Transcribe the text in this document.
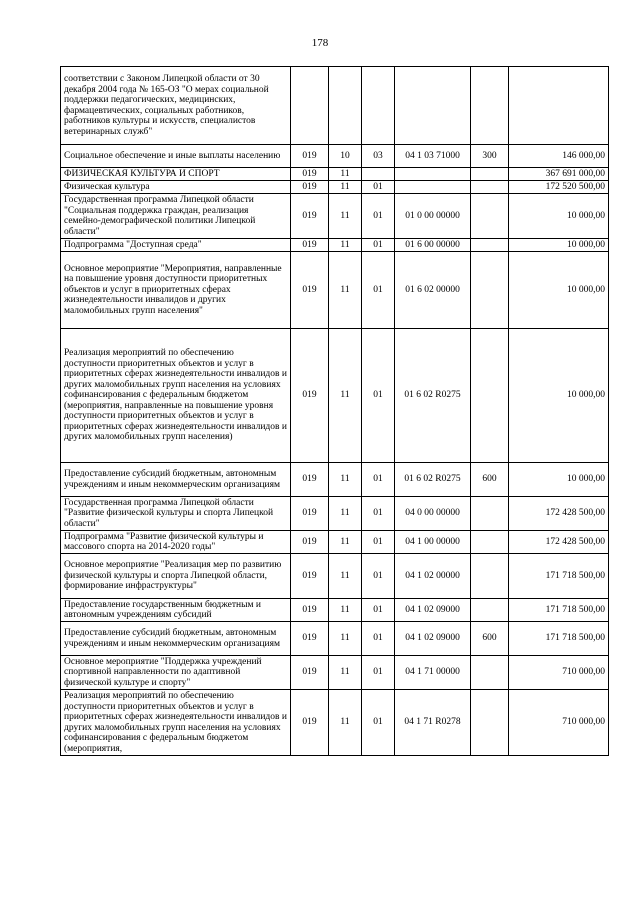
178
соответствии с Законом Липецкой области от 30 декабря 2004 года № 165-ОЗ "О мерах социальной поддержки педагогических, медицинских, фармацевтических, социальных работников, работников культуры и искусств, специалистов ветеринарных служб"						
Социальное обеспечение и иные выплаты населению	019	10	03	04 1 03 71000	300	146 000,00
ФИЗИЧЕСКАЯ КУЛЬТУРА И СПОРТ	019	11				367 691 000,00
Физическая культура	019	11	01			172 520 500,00
Государственная программа Липецкой области "Социальная поддержка граждан, реализация семейно-демографической политики Липецкой области"	019	11	01	01 0 00 00000		10 000,00
Подпрограмма "Доступная среда"	019	11	01	01 6 00 00000		10 000,00
Основное мероприятие "Мероприятия, направленные на повышение уровня доступности приоритетных объектов и услуг в приоритетных сферах жизнедеятельности инвалидов и других маломобильных групп населения"	019	11	01	01 6 02 00000		10 000,00
Реализация мероприятий по обеспечению доступности приоритетных объектов и услуг в приоритетных сферах жизнедеятельности инвалидов и других маломобильных групп населения на условиях софинансирования с федеральным бюджетом (мероприятия, направленные на повышение уровня доступности приоритетных объектов и услуг в приоритетных сферах жизнедеятельности инвалидов и других маломобильных групп населения)	019	11	01	01 6 02 R0275		10 000,00
Предоставление субсидий бюджетным, автономным учреждениям и иным некоммерческим организациям	019	11	01	01 6 02 R0275	600	10 000,00
Государственная программа Липецкой области "Развитие физической культуры и спорта Липецкой области"	019	11	01	04 0 00 00000		172 428 500,00
Подпрограмма "Развитие физической культуры и массового спорта на 2014-2020 годы"	019	11	01	04 1 00 00000		172 428 500,00
Основное мероприятие "Реализация мер по развитию физической культуры и спорта Липецкой области, формирование инфраструктуры"	019	11	01	04 1 02 00000		171 718 500,00
Предоставление государственным бюджетным и автономным учреждениям субсидий	019	11	01	04 1 02 09000		171 718 500,00
Предоставление субсидий бюджетным, автономным учреждениям и иным некоммерческим организациям	019	11	01	04 1 02 09000	600	171 718 500,00
Основное мероприятие "Поддержка учреждений спортивной направленности по адаптивной физической культуре и спорту"	019	11	01	04 1 71 00000		710 000,00
Реализация мероприятий по обеспечению доступности приоритетных объектов и услуг в приоритетных сферах жизнедеятельности инвалидов и других маломобильных групп населения на условиях софинансирования с федеральным бюджетом (мероприятия,	019	11	01	04 1 71 R0278		710 000,00
